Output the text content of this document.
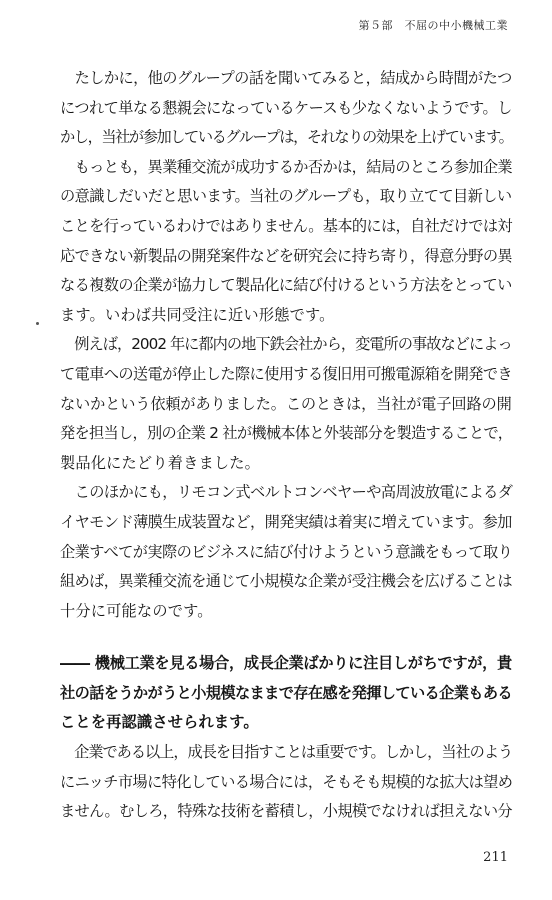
第５部　不屈の中小機械工業
　たしかに，他のグループの話を聞いてみると，結成から時間がたつ
につれて単なる懇親会になっているケースも少なくないようです。し
かし，当社が参加しているグループは，それなりの効果を上げています。
　もっとも，異業種交流が成功するか否かは，結局のところ参加企業
の意識しだいだと思います。当社のグループも，取り立てて目新しい
ことを行っているわけではありません。基本的には，自社だけでは対
応できない新製品の開発案件などを研究会に持ち寄り，得意分野の異
なる複数の企業が協力して製品化に結び付けるという方法をとってい
ます。いわば共同受注に近い形態です。
　例えば，2002 年に都内の地下鉄会社から，変電所の事故などによっ
て電車への送電が停止した際に使用する復旧用可搬電源箱を開発でき
ないかという依頼がありました。このときは，当社が電子回路の開
発を担当し，別の企業 2 社が機械本体と外装部分を製造することで，
製品化にたどり着きました。
　このほかにも，リモコン式ベルトコンベヤーや高周波放電によるダ
イヤモンド薄膜生成装置など，開発実績は着実に増えています。参加
企業すべてが実際のビジネスに結び付けようという意識をもって取り
組めば，異業種交流を通じて小規模な企業が受注機会を広げることは
十分に可能なのです。
―― 機械工業を見る場合，成長企業ばかりに注目しがちですが，貴
社の話をうかがうと小規模なままで存在感を発揮している企業もある
ことを再認識させられます。
　企業である以上，成長を目指すことは重要です。しかし，当社のよう
にニッチ市場に特化している場合には，そもそも規模的な拡大は望め
ません。むしろ，特殊な技術を蓄積し，小規模でなければ担えない分
211
